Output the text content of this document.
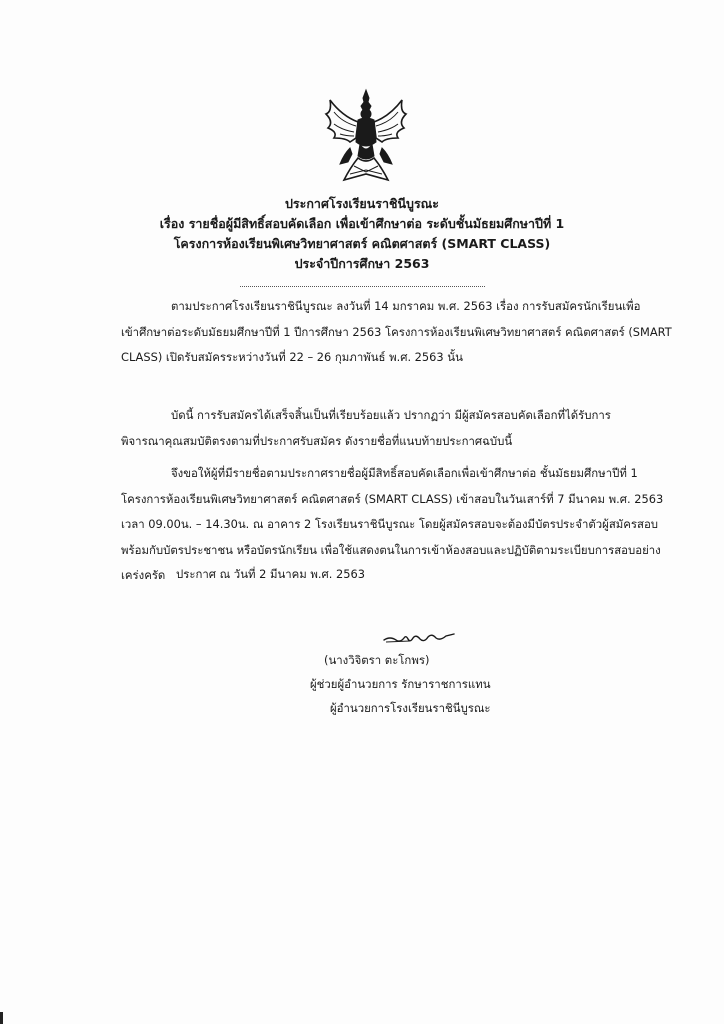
ประกาศโรงเรียนราชินีบูรณะ
เรื่อง รายชื่อผู้มีสิทธิ์สอบคัดเลือก เพื่อเข้าศึกษาต่อ ระดับชั้นมัธยมศึกษาปีที่ 1
โครงการห้องเรียนพิเศษวิทยาศาสตร์ คณิตศาสตร์ (SMART CLASS)
ประจำปีการศึกษา 2563
ตามประกาศโรงเรียนราชินีบูรณะ ลงวันที่ 14 มกราคม พ.ศ. 2563 เรื่อง การรับสมัครนักเรียนเพื่อ
เข้าศึกษาต่อระดับมัธยมศึกษาปีที่ 1 ปีการศึกษา 2563 โครงการห้องเรียนพิเศษวิทยาศาสตร์ คณิตศาสตร์ (SMART
CLASS) เปิดรับสมัครระหว่างวันที่ 22 – 26 กุมภาพันธ์ พ.ศ. 2563 นั้น
บัดนี้ การรับสมัครได้เสร็จสิ้นเป็นที่เรียบร้อยแล้ว ปรากฏว่า มีผู้สมัครสอบคัดเลือกที่ได้รับการ
พิจารณาคุณสมบัติตรงตามที่ประกาศรับสมัคร ดังรายชื่อที่แนบท้ายประกาศฉบับนี้
จึงขอให้ผู้ที่มีรายชื่อตามประกาศรายชื่อผู้มีสิทธิ์สอบคัดเลือกเพื่อเข้าศึกษาต่อ ชั้นมัธยมศึกษาปีที่ 1
โครงการห้องเรียนพิเศษวิทยาศาสตร์ คณิตศาสตร์ (SMART CLASS) เข้าสอบในวันเสาร์ที่ 7 มีนาคม พ.ศ. 2563
เวลา 09.00น. – 14.30น. ณ อาคาร 2 โรงเรียนราชินีบูรณะ โดยผู้สมัครสอบจะต้องมีบัตรประจำตัวผู้สมัครสอบ
พร้อมกับบัตรประชาชน หรือบัตรนักเรียน เพื่อใช้แสดงตนในการเข้าห้องสอบและปฏิบัติตามระเบียบการสอบอย่าง
เคร่งครัด ประกาศ ณ วันที่ 2 มีนาคม พ.ศ. 2563
(นางวิจิตรา ตะโกพร)
ผู้ช่วยผู้อำนวยการ รักษาราชการแทน
ผู้อำนวยการโรงเรียนราชินีบูรณะ
